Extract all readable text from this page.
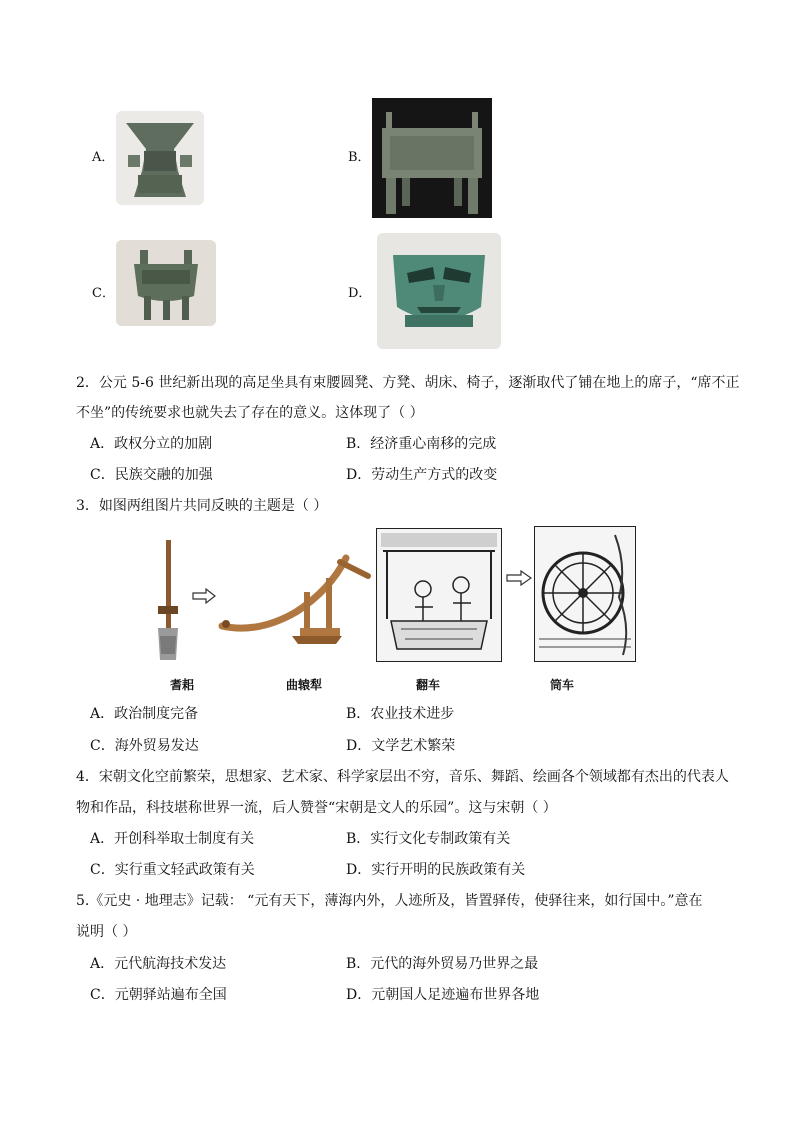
A．	B．
C．	D．
2．公元 5-6 世纪新出现的高足坐具有束腰圆凳、方凳、胡床、椅子，逐渐取代了铺在地上的席子，“席不正
不坐”的传统要求也就失去了存在的意义。这体现了（ ）
A．政权分立的加剧	B．经济重心南移的完成
C．民族交融的加强	D．劳动生产方式的改变
3．如图两组图片共同反映的主题是（ ）
耆耜	曲辕犁	翻车	筒车
A．政治制度完备	B．农业技术进步
C．海外贸易发达	D．文学艺术繁荣
4．宋朝文化空前繁荣，思想家、艺术家、科学家层出不穷，音乐、舞蹈、绘画各个领域都有杰出的代表人
物和作品，科技堪称世界一流，后人赞誉“宋朝是文人的乐园”。这与宋朝（ ）
A．开创科举取士制度有关	B．实行文化专制政策有关
C．实行重文轻武政策有关	D．实行开明的民族政策有关
5.《元史 · 地理志》记载： “元有天下，薄海内外，人迹所及，皆置驿传，使驿往来，如行国中。”意在
说明（ ）
A．元代航海技术发达	B．元代的海外贸易乃世界之最
C．元朝驿站遍布全国	D．元朝国人足迹遍布世界各地
